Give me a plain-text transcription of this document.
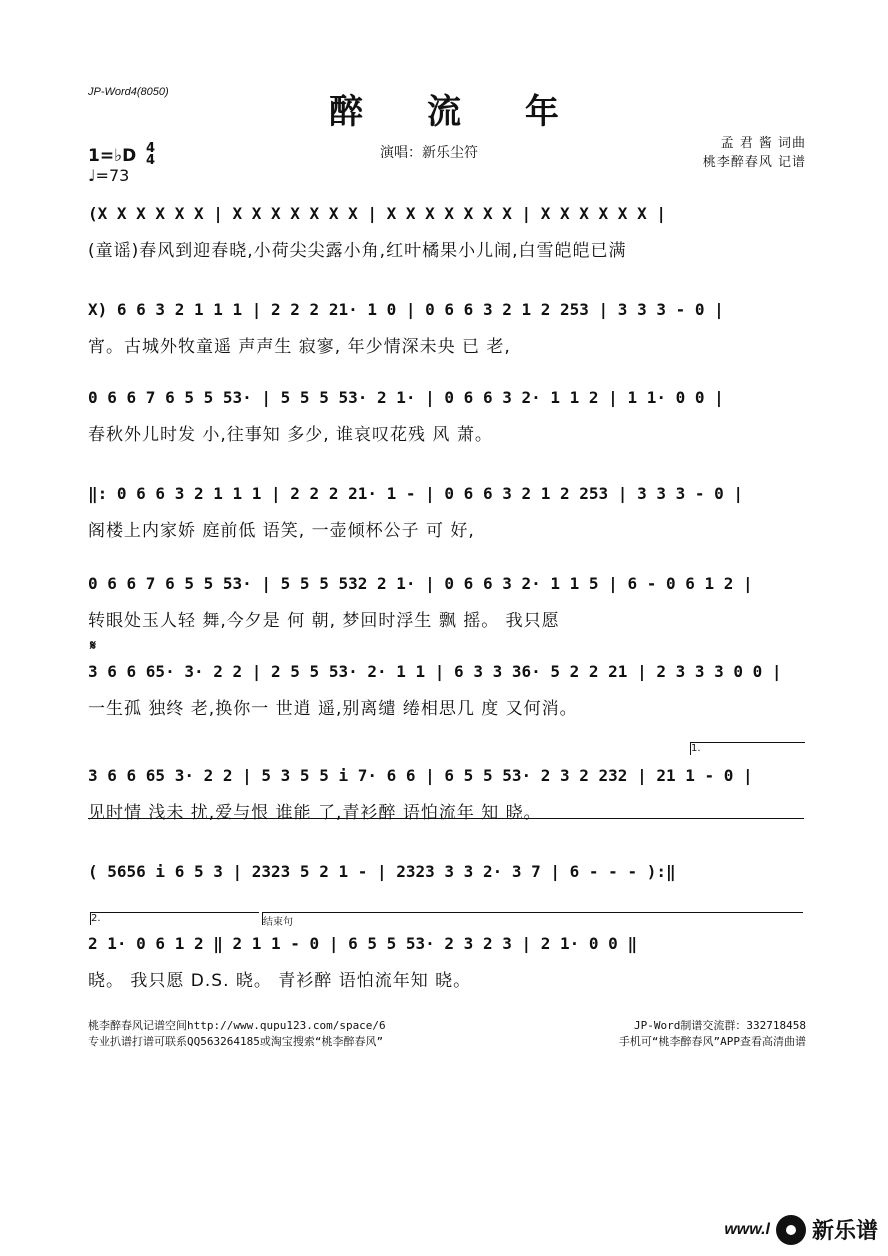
JP-Word4(8050)	醉 流 年
1=♭D 4
4
♩=73
演唱：新乐尘符
孟 君 酱 词曲
桃李醉春风 记谱
(X X X X X X | X X X X X X X | X X X X X X X | X X X X X X |
(童谣)春风到迎春晓,小荷尖尖露小角,红叶橘果小儿闹,白雪皑皑已满
X) 6 6 3 2 1 1 1 | 2 2 2 21· 1 0 | 0 6 6 3 2 1 2 253 | 3 3 3 - 0 |
宵。古城外牧童遥 声声生 寂寥, 年少情深未央 已 老,
0 6 6 7 6 5 5 53· | 5 5 5 53· 2 1· | 0 6 6 3 2· 1 1 2 | 1 1· 0 0 |
春秋外儿时发 小,往事知 多少, 谁哀叹花残 风 萧。
‖: 0 6 6 3 2 1 1 1 | 2 2 2 21· 1 - | 0 6 6 3 2 1 2 253 | 3 3 3 - 0 |
阁楼上内家娇 庭前低 语笑, 一壶倾杯公子 可 好,
0 6 6 7 6 5 5 53· | 5 5 5 532 2 1· | 0 6 6 3 2· 1 1 5 | 6 - 0 6 1 2 |
转眼处玉人轻 舞,今夕是 何 朝, 梦回时浮生 飘 摇。 我只愿
3 6 6 65· 3· 2 2 | 2 5 5 53· 2· 1 1 | 6 3 3 36· 5 2 2 21 | 2 3 3 3 0 0 |
一生孤 独终 老,换你一 世逍 遥,别离缱 绻相思几 度 又何消。
3 6 6 65 3· 2 2 | 5 3 5 5 i 7· 6 6 | 6 5 5 53· 2 3 2 232 | 21 1 - 0 |
见时情 浅未 扰,爱与恨 谁能 了,青衫醉 语怕流年 知 晓。
( 5656 i 6 5 3 | 2323 5 2 1 - | 2323 3 3 2· 3 7 | 6 - - - ):‖
2 1· 0 6 1 2 ‖ 2 1 1 - 0 | 6 5 5 53· 2 3 2 3 | 2 1· 0 0 ‖
晓。 我只愿 D.S. 晓。 青衫醉 语怕流年知 晓。
桃李醉春风记谱空间http://www.qupu123.com/space/6
专业扒谱打谱可联系QQ563264185或淘宝搜索“桃李醉春风”
JP-Word制谱交流群：332718458
手机可“桃李醉春风”APP查看高清曲谱
www.l 新乐谱
𝄋
1.
2.	结束句
